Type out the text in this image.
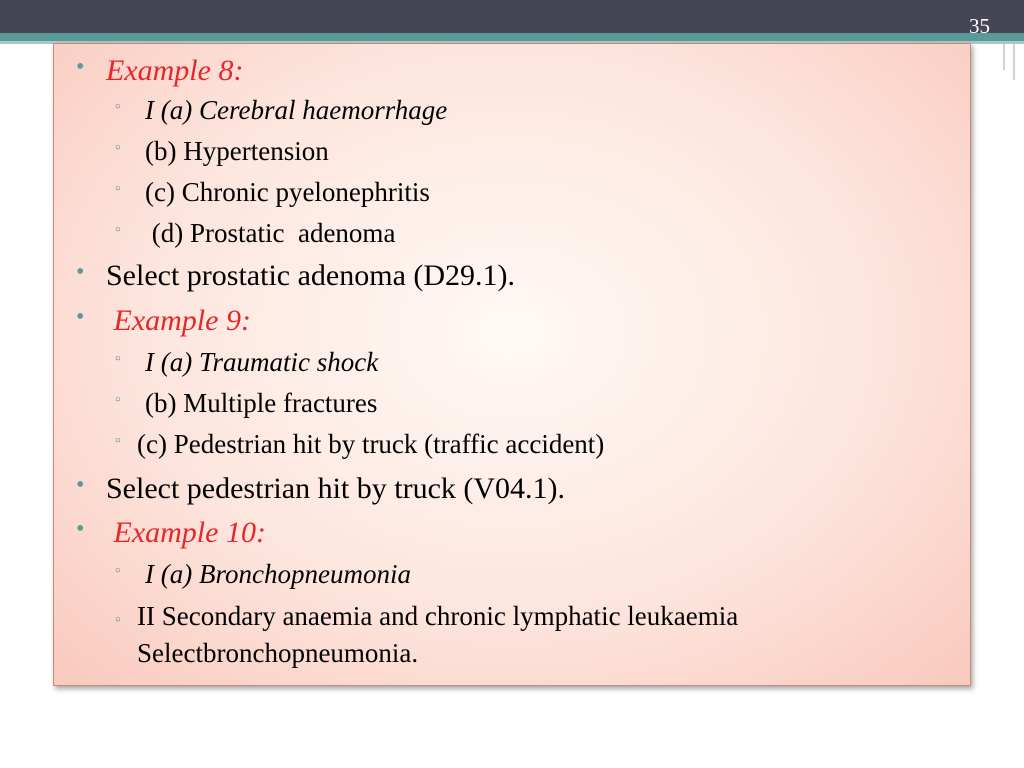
35
• Example 8:
▫ I (a) Cerebral haemorrhage
▫ (b) Hypertension
▫ (c) Chronic pyelonephritis
▫ (d) Prostatic  adenoma
• Select prostatic adenoma (D29.1).
• Example 9:
▫ I (a) Traumatic shock
▫ (b) Multiple fractures
▫ (c) Pedestrian hit by truck (traffic accident)
• Select pedestrian hit by truck (V04.1).
• Example 10:
▫ I (a) Bronchopneumonia
▫ II Secondary anaemia and chronic lymphatic leukaemia Selectbronchopneumonia.
